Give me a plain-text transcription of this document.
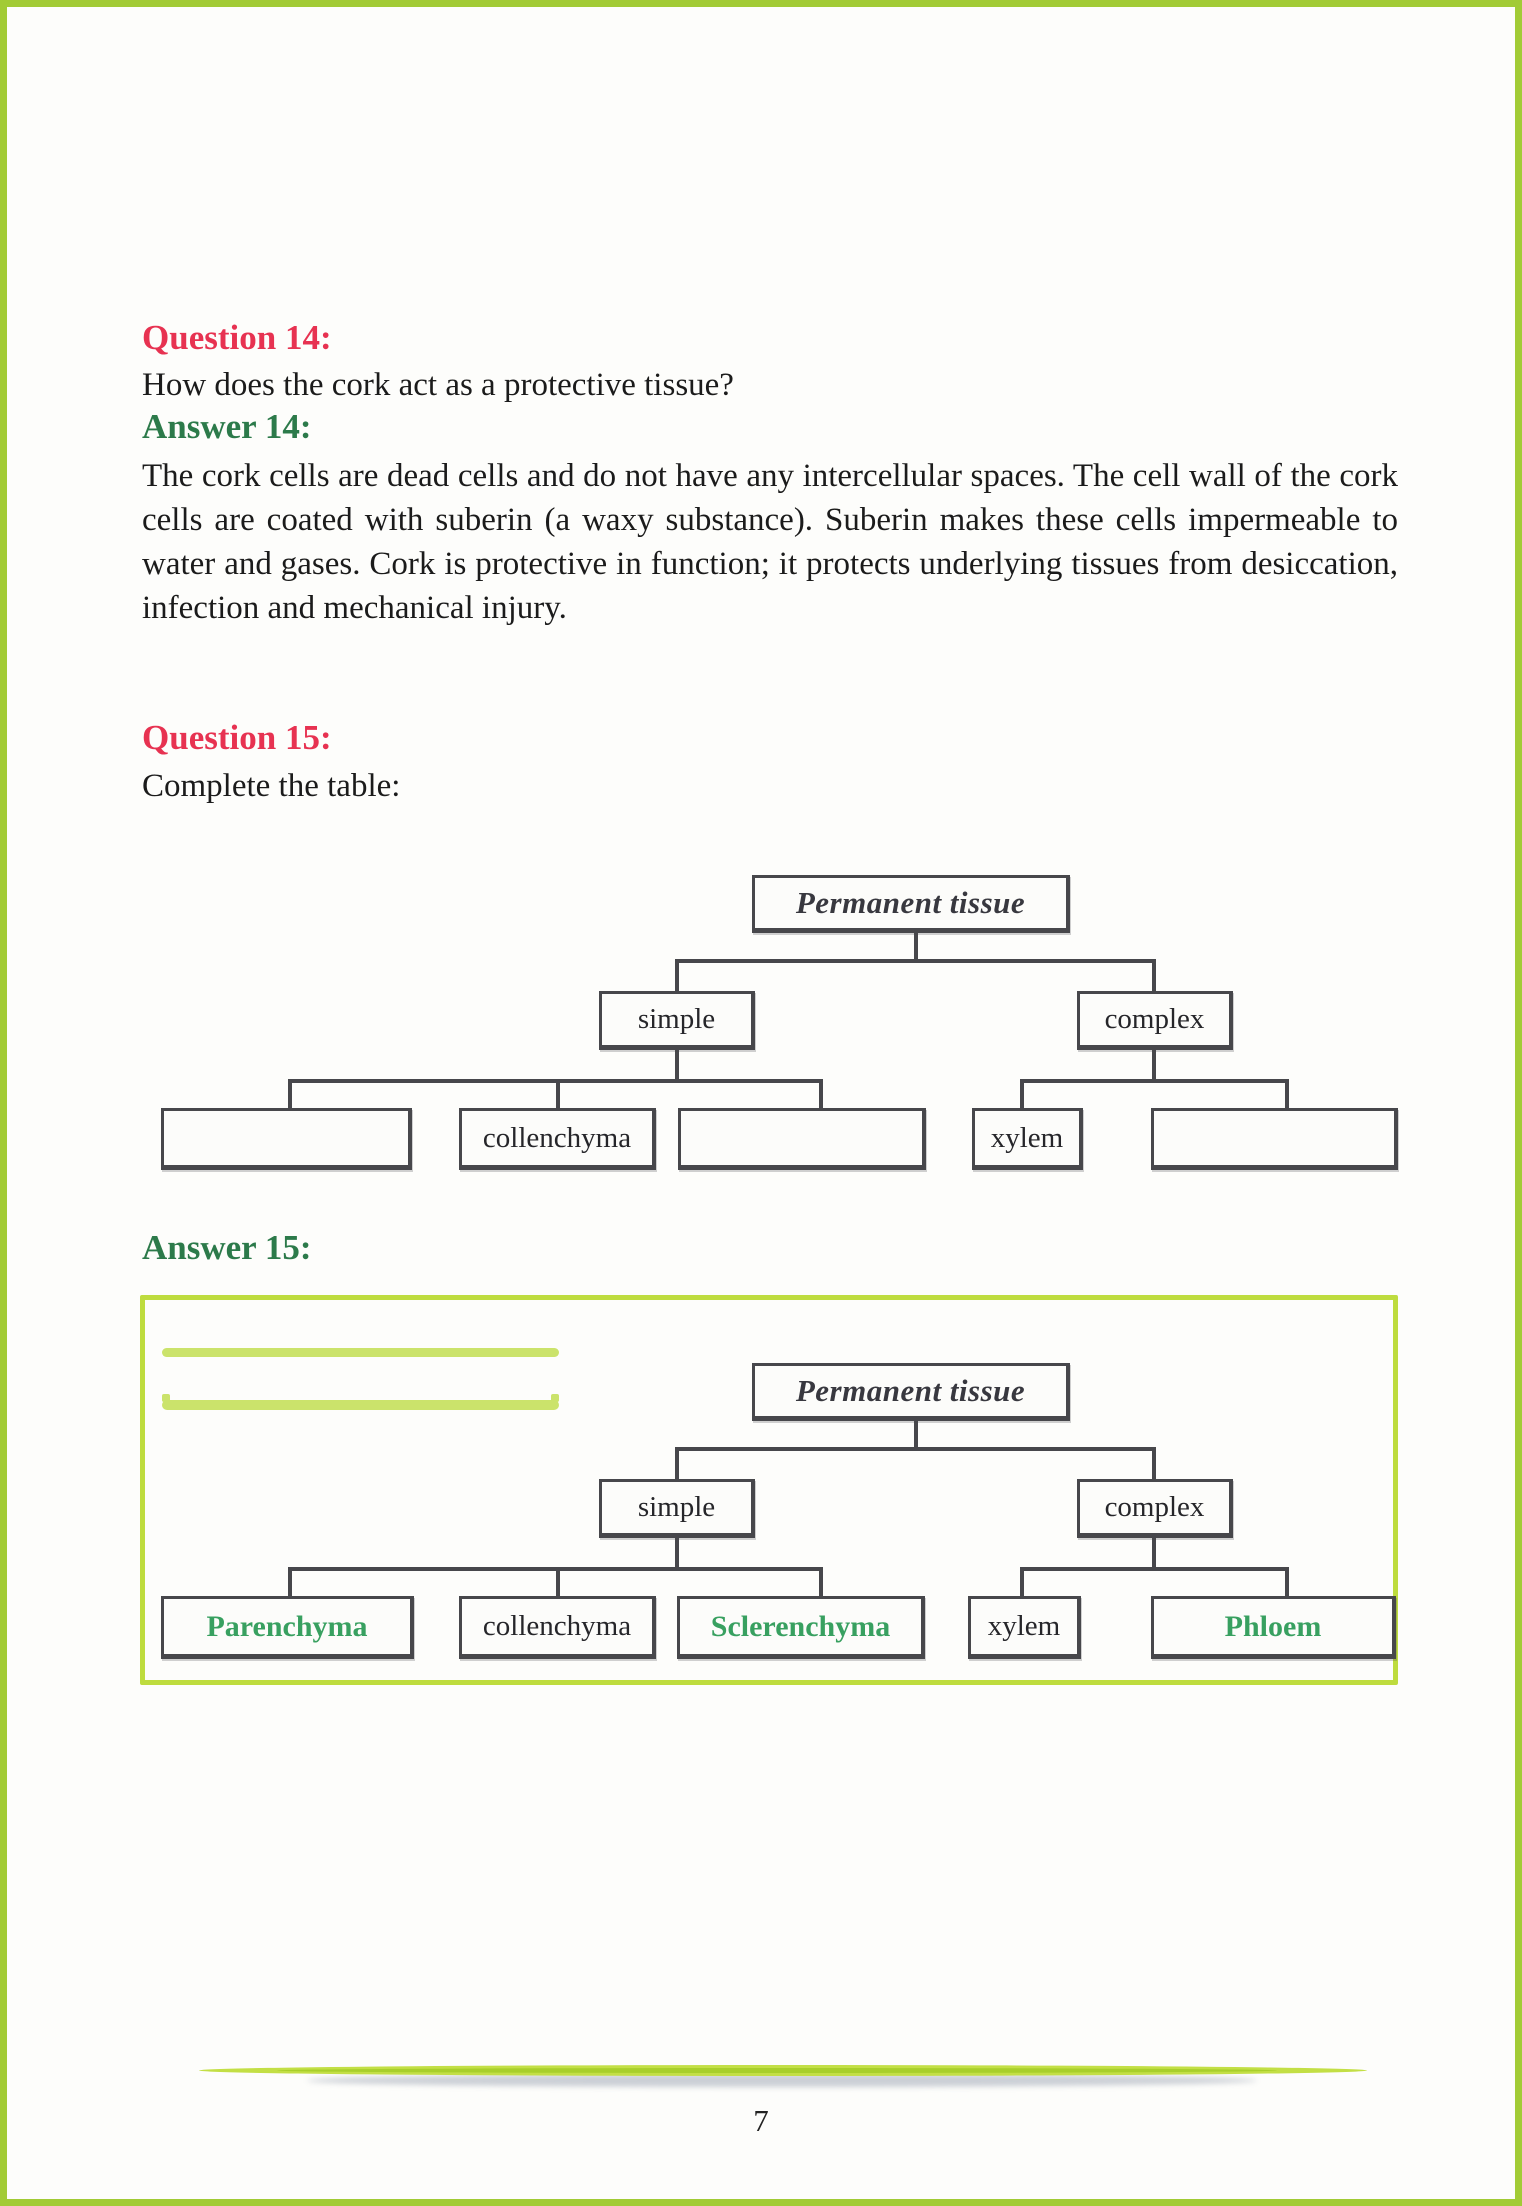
Question 14:

How does the cork act as a protective tissue?

Answer 14:

The cork cells are dead cells and do not have any intercellular spaces. The cell wall of the cork cells are coated with suberin (a waxy substance). Suberin makes these cells impermeable to water and gases. Cork is protective in function; it protects underlying tissues from desiccation, infection and mechanical injury.

Question 15:

Complete the table:

Permanent tissue
simple	complex
collenchyma	xylem
Answer 15:
Permanent tissue
simple	complex
Parenchyma	collenchyma	Sclerenchyma	xylem	Phloem
7
